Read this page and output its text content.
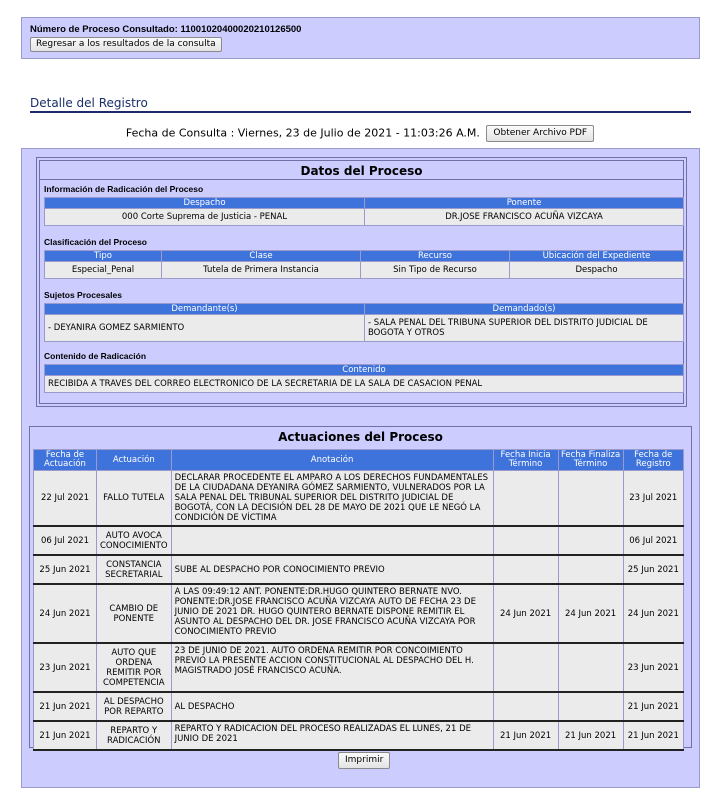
Número de Proceso Consultado: 11001020400020210126500
Regresar a los resultados de la consulta
Detalle del Registro
Fecha de Consulta : Viernes, 23 de Julio de 2021 - 11:03:26 A.M. Obtener Archivo PDF
Datos del Proceso
Información de Radicación del Proceso
Despacho	Ponente
000 Corte Suprema de Justicia - PENAL	DR.JOSE FRANCISCO ACUÑA VIZCAYA
Clasificación del Proceso
Tipo	Clase	Recurso	Ubicación del Expediente
Especial_Penal	Tutela de Primera Instancia	Sin Tipo de Recurso	Despacho
Sujetos Procesales
Demandante(s)	Demandado(s)
- DEYANIRA GOMEZ SARMIENTO	- SALA PENAL DEL TRIBUNA SUPERIOR DEL DISTRITO JUDICIAL DE BOGOTA Y OTROS
Contenido de Radicación
Contenido
RECIBIDA A TRAVES DEL CORREO ELECTRONICO DE LA SECRETARIA DE LA SALA DE CASACION PENAL
Actuaciones del Proceso
Fecha de Actuación	Actuación	Anotación	Fecha Inicia Término	Fecha Finaliza Término	Fecha de Registro
22 Jul 2021	FALLO TUTELA	DECLARAR PROCEDENTE EL AMPARO A LOS DERECHOS FUNDAMENTALES DE LA CIUDADANA DEYANIRA GÓMEZ SARMIENTO, VULNERADOS POR LA SALA PENAL DEL TRIBUNAL SUPERIOR DEL DISTRITO JUDICIAL DE BOGOTÁ, CON LA DECISIÓN DEL 28 DE MAYO DE 2021 QUE LE NEGÓ LA CONDICIÓN DE VÍCTIMA			23 Jul 2021
06 Jul 2021	AUTO AVOCA CONOCIMIENTO				06 Jul 2021
25 Jun 2021	CONSTANCIA SECRETARIAL	SUBE AL DESPACHO POR CONOCIMIENTO PREVIO			25 Jun 2021
24 Jun 2021	CAMBIO DE PONENTE	A LAS 09:49:12 ANT. PONENTE:DR.HUGO QUINTERO BERNATE NVO. PONENTE:DR.JOSE FRANCISCO ACUÑA VIZCAYA AUTO DE FECHA 23 DE JUNIO DE 2021 DR. HUGO QUINTERO BERNATE DISPONE REMITIR EL ASUNTO AL DESPACHO DEL DR. JOSE FRANCISCO ACUÑA VIZCAYA POR CONOCIMIENTO PREVIO	24 Jun 2021	24 Jun 2021	24 Jun 2021
23 Jun 2021	AUTO QUE ORDENA REMITIR POR COMPETENCIA	23 DE JUNIO DE 2021. AUTO ORDENA REMITIR POR CONCOIMIENTO PREVIO LA PRESENTE ACCION CONSTITUCIONAL AL DESPACHO DEL H. MAGISTRADO JOSÉ FRANCISCO ACUÑA.			23 Jun 2021
21 Jun 2021	AL DESPACHO POR REPARTO	AL DESPACHO			21 Jun 2021
21 Jun 2021	REPARTO Y RADICACIÓN	REPARTO Y RADICACION DEL PROCESO REALIZADAS EL LUNES, 21 DE JUNIO DE 2021	21 Jun 2021	21 Jun 2021	21 Jun 2021
Imprimir
